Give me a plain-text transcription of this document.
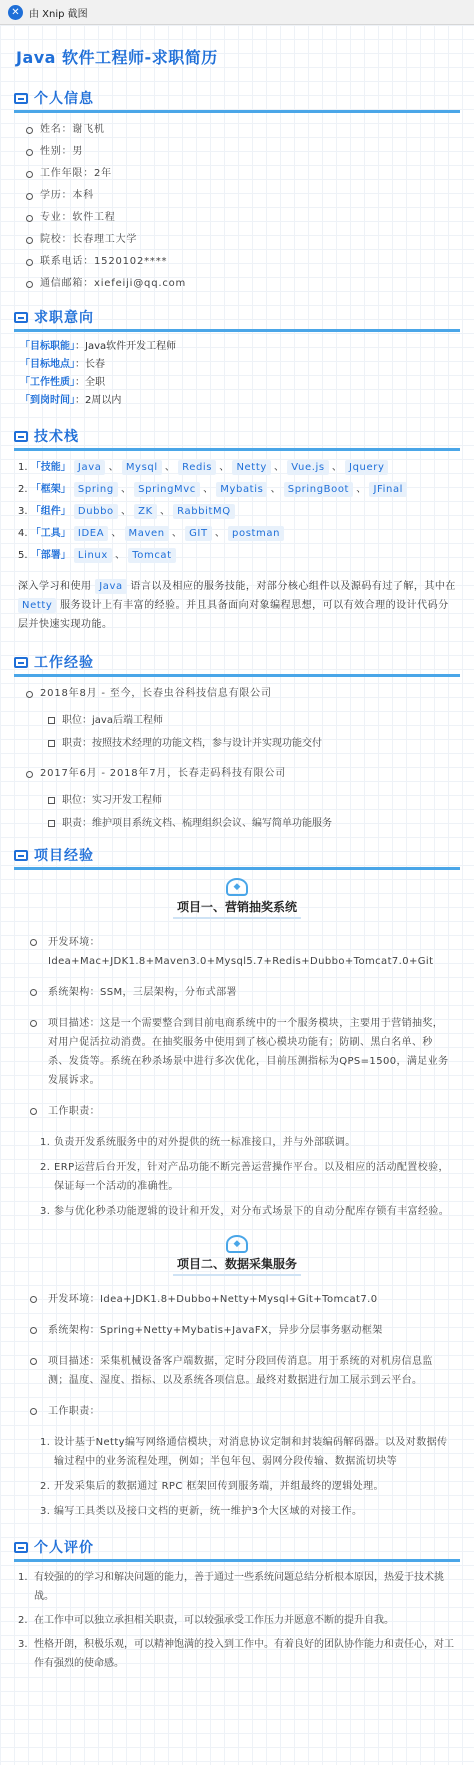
✕ 由 Xnip 截图
Java 软件工程师-求职简历
个人信息
姓名：谢飞机
性别：男
工作年限：2年
学历：本科
专业：软件工程
院校：长春理工大学
联系电话：1520102****
通信邮箱：xiefeiji@qq.com
求职意向
「目标职能」：Java软件开发工程师
「目标地点」：长春
「工作性质」：全职
「到岗时间」：2周以内
技术栈
1. 「技能」 Java 、 Mysql 、 Redis 、 Netty 、 Vue.js 、 Jquery
2. 「框架」 Spring 、 SpringMvc 、 Mybatis 、 SpringBoot 、 JFinal
3. 「组件」 Dubbo 、 ZK 、 RabbitMQ
4. 「工具」 IDEA 、 Maven 、 GIT 、 postman
5. 「部署」 Linux 、 Tomcat

深入学习和使用 Java 语言以及相应的服务技能，对部分核心组件以及源码有过了解，其中在 Netty 服务设计上有丰富的经验。并且具备面向对象编程思想，可以有效合理的设计代码分层并快速实现功能。

工作经验
2018年8月 - 至今，长春虫谷科技信息有限公司
职位：java后端工程师
职责：按照技术经理的功能文档，参与设计并实现功能交付
2017年6月 - 2018年7月，长春走码科技有限公司
职位：实习开发工程师
职责：维护项目系统文档、梳理组织会议、编写简单功能服务
项目经验
◆
项目一、营销抽奖系统
开发环境：Idea+Mac+JDK1.8+Maven3.0+Mysql5.7+Redis+Dubbo+Tomcat7.0+Git
系统架构：SSM，三层架构，分布式部署
项目描述：这是一个需要整合到目前电商系统中的一个服务模块，主要用于营销抽奖，对用户促活拉动消费。在抽奖服务中使用到了核心模块功能有；防刷、黑白名单、秒杀、发货等。系统在秒杀场景中进行多次优化，目前压测指标为QPS=1500，满足业务发展诉求。
工作职责：
1. 负责开发系统服务中的对外提供的统一标准接口，并与外部联调。
2. ERP运营后台开发，针对产品功能不断完善运营操作平台。以及相应的活动配置校验，保证每一个活动的准确性。
3. 参与优化秒杀功能逻辑的设计和开发，对分布式场景下的自动分配库存锁有丰富经验。
◆
项目二、数据采集服务
开发环境：Idea+JDK1.8+Dubbo+Netty+Mysql+Git+Tomcat7.0
系统架构：Spring+Netty+Mybatis+JavaFX，异步分层事务驱动框架
项目描述：采集机械设备客户端数据，定时分段回传消息。用于系统的对机房信息监测；温度、湿度、指标、以及系统各项信息。最终对数据进行加工展示到云平台。
工作职责：
1. 设计基于Netty编写网络通信模块，对消息协议定制和封装编码解码器。以及对数据传输过程中的业务流程处理，例如；半包年包、弱网分段传输、数据流切块等
2. 开发采集后的数据通过 RPC 框架回传到服务端，并组最终的逻辑处理。
3. 编写工具类以及接口文档的更新，统一维护3个大区域的对接工作。
个人评价
1. 有较强的的学习和解决问题的能力，善于通过一些系统问题总结分析根本原因，热爱于技术挑战。
2. 在工作中可以独立承担相关职责，可以较强承受工作压力并愿意不断的提升自我。
3. 性格开朗，积极乐观，可以精神饱满的投入到工作中。有着良好的团队协作能力和责任心，对工作有强烈的使命感。
